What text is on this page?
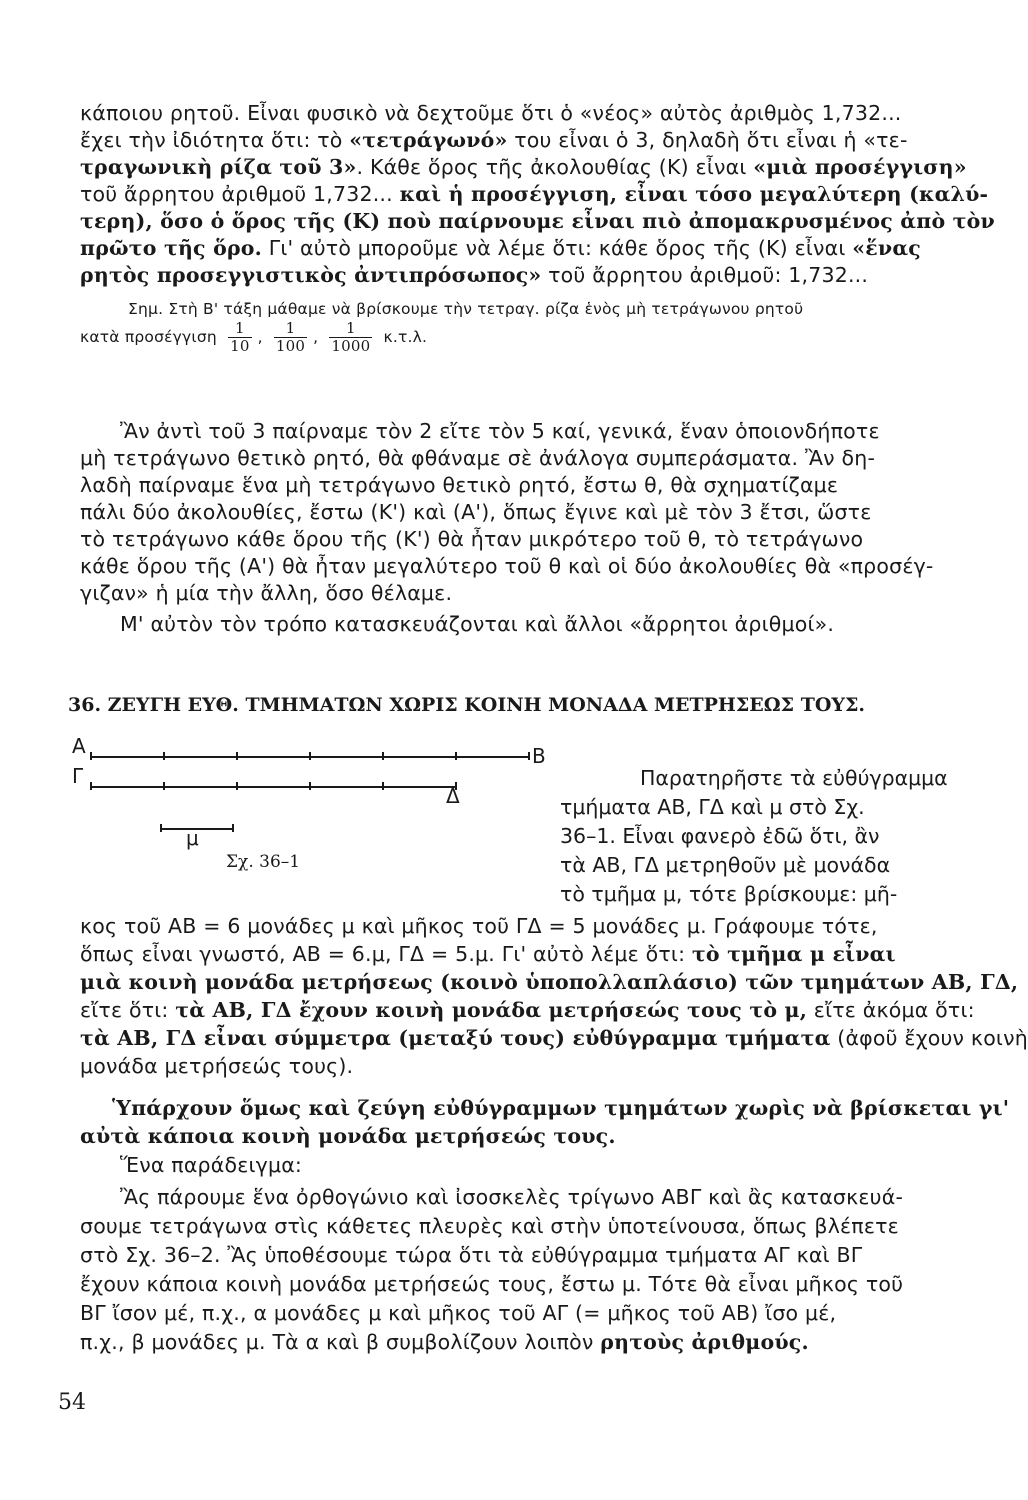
κάποιου ρητοῦ. Εἶναι φυσικὸ νὰ δεχτοῦμε ὅτι ὁ «νέος» αὐτὸς ἀριθμὸς 1,732...
ἔχει τὴν ἰδιότητα ὅτι: τὸ «τετράγωνό» του εἶναι ὁ 3, δηλαδὴ ὅτι εἶναι ἡ «τε-
τραγωνικὴ ρίζα τοῦ 3». Κάθε ὅρος τῆς ἀκολουθίας (Κ) εἶναι «μιὰ προσέγγιση»
τοῦ ἄρρητου ἀριθμοῦ 1,732... καὶ ἡ προσέγγιση, εἶναι τόσο μεγαλύτερη (καλύ-
τερη), ὅσο ὁ ὅρος τῆς (Κ) ποὺ παίρνουμε εἶναι πιὸ ἀπομακρυσμένος ἀπὸ τὸν
πρῶτο τῆς ὅρο. Γι' αὐτὸ μποροῦμε νὰ λέμε ὅτι: κάθε ὅρος τῆς (Κ) εἶναι «ἕνας
ρητὸς προσεγγιστικὸς ἀντιπρόσωπος» τοῦ ἄρρητου ἀριθμοῦ: 1,732...
Σημ. Στὴ Β' τάξη μάθαμε νὰ βρίσκουμε τὴν τετραγ. ρίζα ἑνὸς μὴ τετράγωνου ρητοῦ
κατὰ προσέγγιση $\frac{1}{10}$ , $\frac{1}{100}$ , $\frac{1}{1000} \kappa.\tau.\lambda$.
Ἂν ἀντὶ τοῦ 3 παίρναμε τὸν 2 εἴτε τὸν 5 καί, γενικά, ἕναν ὁποιονδήποτε
μὴ τετράγωνο θετικὸ ρητό, θὰ φθάναμε σὲ ἀνάλογα συμπεράσματα. Ἂν δη-
λαδὴ παίρναμε ἕνα μὴ τετράγωνο θετικὸ ρητό, ἔστω θ, θὰ σχηματίζαμε
πάλι δύο ἀκολουθίες, ἔστω (Κ') καὶ (Α'), ὅπως ἔγινε καὶ μὲ τὸν 3 ἔτσι, ὥστε
τὸ τετράγωνο κάθε ὅρου τῆς (Κ') θὰ ἦταν μικρότερο τοῦ θ, τὸ τετράγωνο
κάθε ὅρου τῆς (Α') θὰ ἦταν μεγαλύτερο τοῦ θ καὶ οἱ δύο ἀκολουθίες θὰ «προσέγ-
γιζαν» ἡ μία τὴν ἄλλη, ὅσο θέλαμε.
Μ' αὐτὸν τὸν τρόπο κατασκευάζονται καὶ ἄλλοι «ἄρρητοι ἀριθμοί».
36. ΖΕΥΓΗ ΕΥΘ. ΤΜΗΜΑΤΩΝ ΧΩΡΙΣ ΚΟΙΝΗ ΜΟΝΑΔΑ ΜΕΤΡΗΣΕΩΣ ΤΟΥΣ.
Α	Β
Γ
Δ
μ
Σχ. 36–1
Παρατηρῆστε τὰ εὐθύγραμμα
τμήματα ΑΒ, ΓΔ καὶ μ στὸ Σχ.
36–1. Εἶναι φανερὸ ἐδῶ ὅτι, ἂν
τὰ ΑΒ, ΓΔ μετρηθοῦν μὲ μονάδα
τὸ τμῆμα μ, τότε βρίσκουμε: μῆ-
κος τοῦ ΑΒ = 6 μονάδες μ καὶ μῆκος τοῦ ΓΔ = 5 μονάδες μ. Γράφουμε τότε,
ὅπως εἶναι γνωστό, ΑΒ = 6.μ, ΓΔ = 5.μ. Γι' αὐτὸ λέμε ὅτι: τὸ τμῆμα μ εἶναι
μιὰ κοινὴ μονάδα μετρήσεως (κοινὸ ὑποπολλαπλάσιο) τῶν τμημάτων ΑΒ, ΓΔ,
εἴτε ὅτι: τὰ ΑΒ, ΓΔ ἔχουν κοινὴ μονάδα μετρήσεώς τους τὸ μ, εἴτε ἀκόμα ὅτι:
τὰ ΑΒ, ΓΔ εἶναι σύμμετρα (μεταξύ τους) εὐθύγραμμα τμήματα (ἀφοῦ ἔχουν κοινὴ
μονάδα μετρήσεώς τους).
Ὑπάρχουν ὅμως καὶ ζεύγη εὐθύγραμμων τμημάτων χωρὶς νὰ βρίσκεται γι'
αὐτὰ κάποια κοινὴ μονάδα μετρήσεώς τους.
Ἕνα παράδειγμα:
Ἂς πάρουμε ἕνα ὀρθογώνιο καὶ ἰσοσκελὲς τρίγωνο ΑΒΓ καὶ ἂς κατασκευά-
σουμε τετράγωνα στὶς κάθετες πλευρὲς καὶ στὴν ὑποτείνουσα, ὅπως βλέπετε
στὸ Σχ. 36–2. Ἂς ὑποθέσουμε τώρα ὅτι τὰ εὐθύγραμμα τμήματα ΑΓ καὶ ΒΓ
ἔχουν κάποια κοινὴ μονάδα μετρήσεώς τους, ἔστω μ. Τότε θὰ εἶναι μῆκος τοῦ
ΒΓ ἴσον μέ, π.χ., α μονάδες μ καὶ μῆκος τοῦ ΑΓ (= μῆκος τοῦ ΑΒ) ἴσο μέ,
π.χ., β μονάδες μ. Τὰ α καὶ β συμβολίζουν λοιπὸν ρητοὺς ἀριθμούς.
54
